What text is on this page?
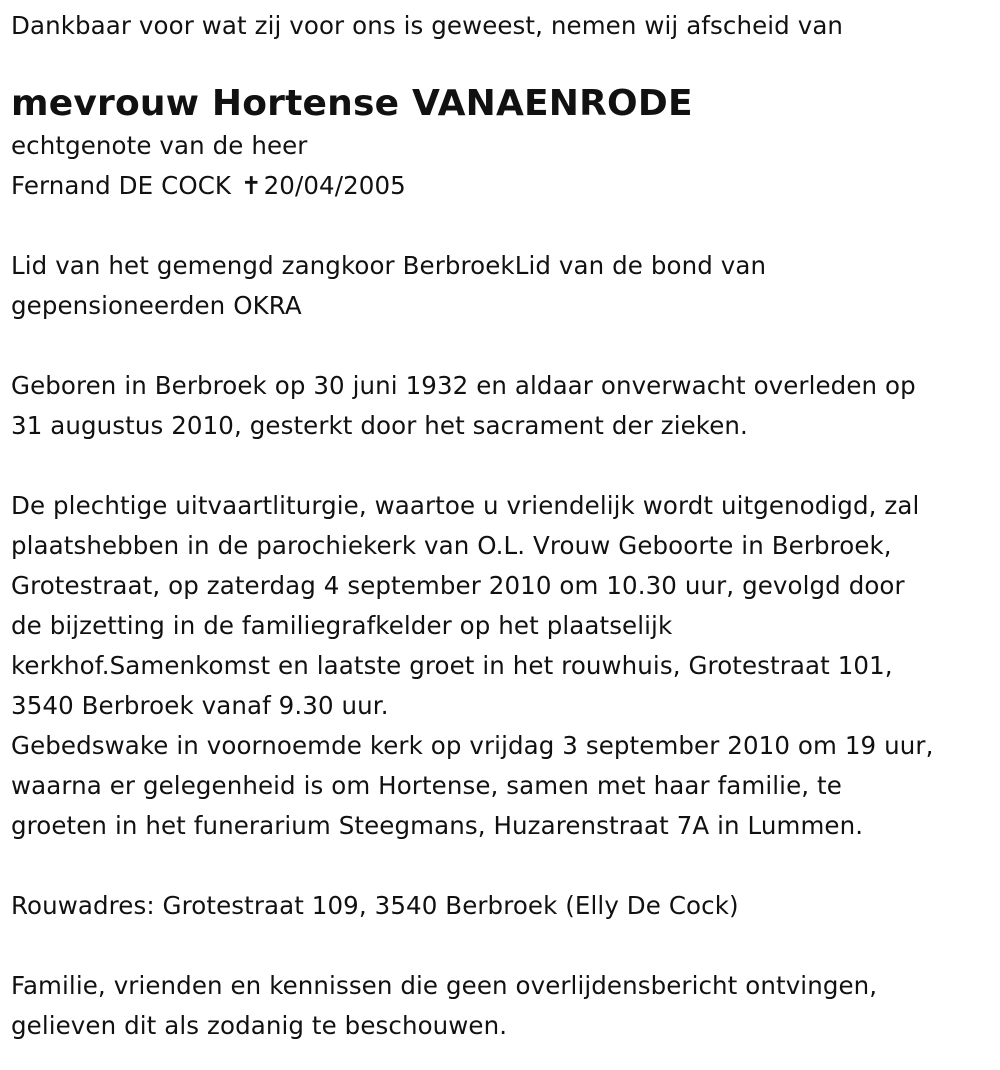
Dankbaar voor wat zij voor ons is geweest, nemen wij afscheid van
mevrouw Hortense VANAENRODE
echtgenote van de heer
Fernand DE COCK ✝20/04/2005
Lid van het gemengd zangkoor BerbroekLid van de bond van
gepensioneerden OKRA
Geboren in Berbroek op 30 juni 1932 en aldaar onverwacht overleden op
31 augustus 2010, gesterkt door het sacrament der zieken.
De plechtige uitvaartliturgie, waartoe u vriendelijk wordt uitgenodigd, zal
plaatshebben in de parochiekerk van O.L. Vrouw Geboorte in Berbroek,
Grotestraat, op zaterdag 4 september 2010 om 10.30 uur, gevolgd door
de bijzetting in de familiegrafkelder op het plaatselijk
kerkhof.Samenkomst en laatste groet in het rouwhuis, Grotestraat 101,
3540 Berbroek vanaf 9.30 uur.
Gebedswake in voornoemde kerk op vrijdag 3 september 2010 om 19 uur,
waarna er gelegenheid is om Hortense, samen met haar familie, te
groeten in het funerarium Steegmans, Huzarenstraat 7A in Lummen.
Rouwadres: Grotestraat 109, 3540 Berbroek (Elly De Cock)
Familie, vrienden en kennissen die geen overlijdensbericht ontvingen,
gelieven dit als zodanig te beschouwen.
